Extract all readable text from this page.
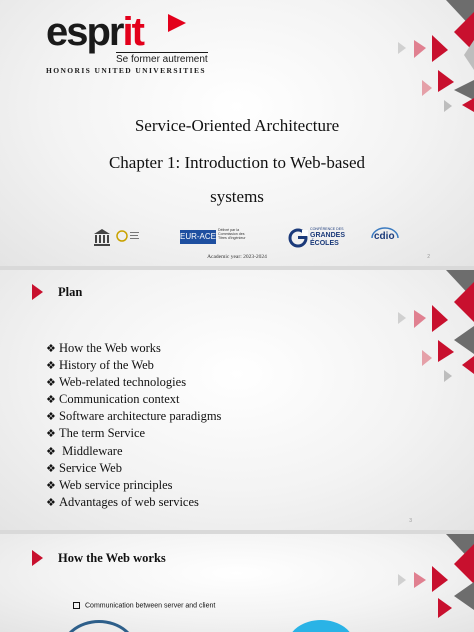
esprit
Se former autrement
HONORIS UNITED UNIVERSITIES
Service-Oriented Architecture
Chapter 1: Introduction to Web-based
systems
EUR-ACE
Délivré par la Commission des Titres d'Ingénieur
CONFÉRENCE DES
GRANDES
ÉCOLES
cdio
Academic year: 2023-2024	2
Plan
❖ How the Web works
❖ History of the Web
❖ Web-related technologies
❖ Communication context
❖ Software architecture paradigms
❖ The term Service
❖ Middleware
❖ Service Web
❖ Web service principles
❖ Advantages of web services
3
How the Web works
Communication between server and client
